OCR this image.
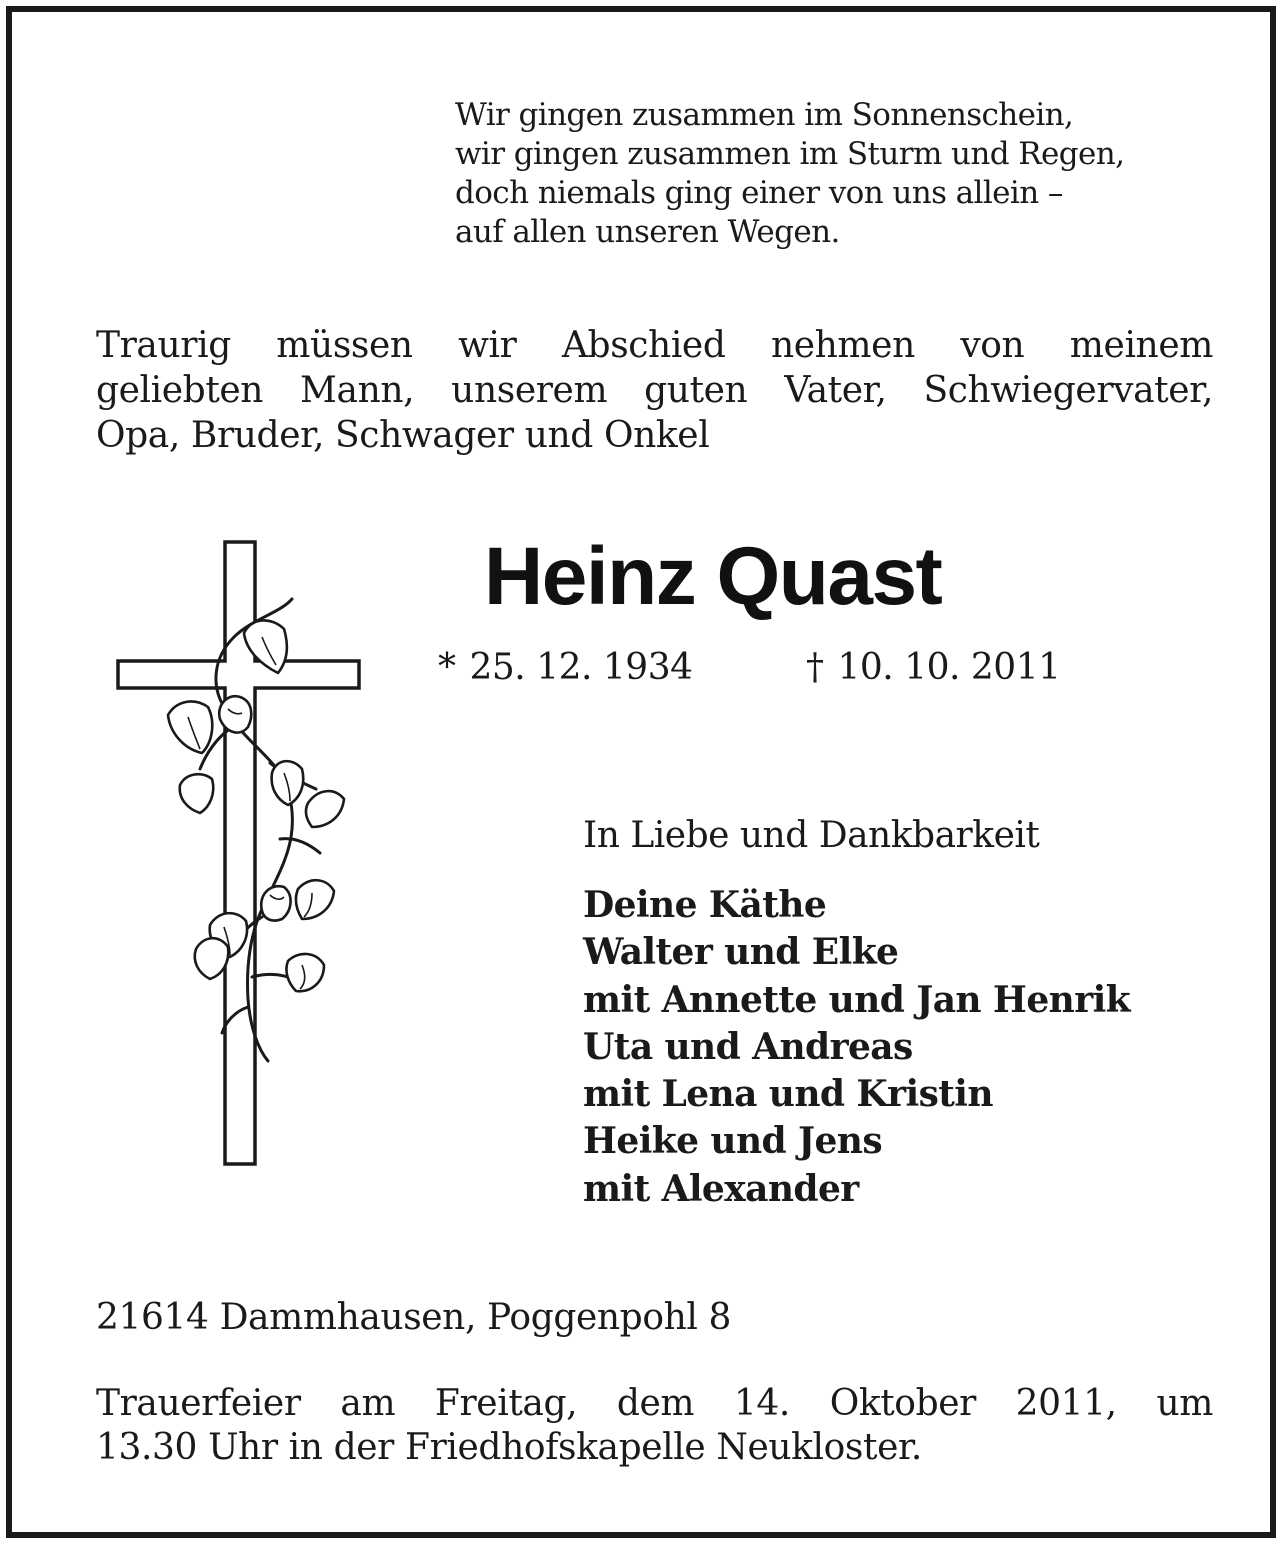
Wir gingen zusammen im Sonnenschein,
wir gingen zusammen im Sturm und Regen,
doch niemals ging einer von uns allein –
auf allen unseren Wegen.
Traurig müssen wir Abschied nehmen von meinem
geliebten Mann, unserem guten Vater, Schwiegervater,
Opa, Bruder, Schwager und Onkel
Heinz Quast
* 25. 12. 1934	† 10. 10. 2011
In Liebe und Dankbarkeit
Deine Käthe
Walter und Elke
mit Annette und Jan Henrik
Uta und Andreas
mit Lena und Kristin
Heike und Jens
mit Alexander
21614 Dammhausen, Poggenpohl 8
Trauerfeier am Freitag, dem 14. Oktober 2011, um
13.30 Uhr in der Friedhofskapelle Neukloster.
